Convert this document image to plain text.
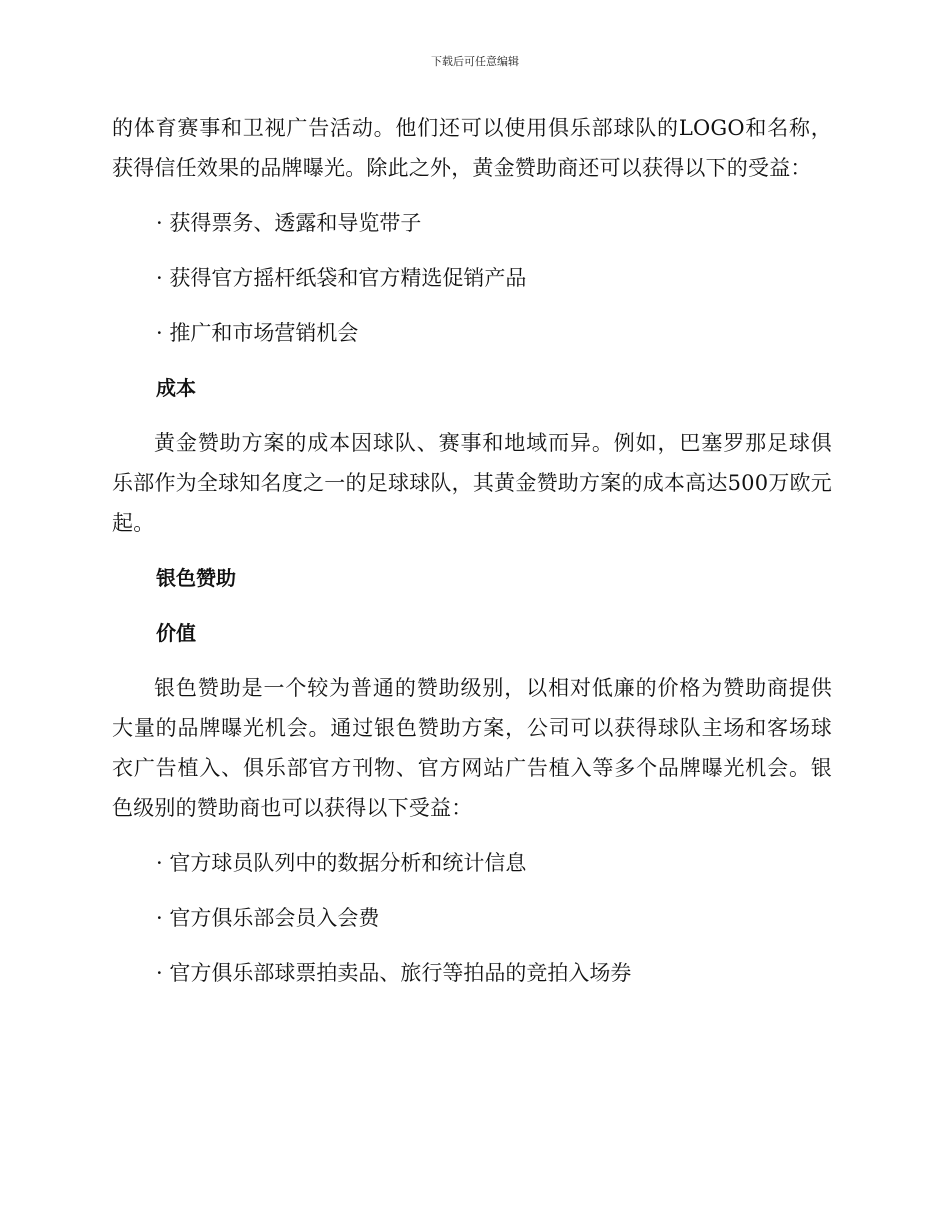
下载后可任意编辑

的体育赛事和卫视广告活动。他们还可以使用俱乐部球队的LOGO和名称，获得信任效果的品牌曝光。除此之外，黄金赞助商还可以获得以下的受益：

· 获得票务、透露和导览带子

· 获得官方摇杆纸袋和官方精选促销产品

· 推广和市场营销机会

成本

黄金赞助方案的成本因球队、赛事和地域而异。例如，巴塞罗那足球俱乐部作为全球知名度之一的足球球队，其黄金赞助方案的成本高达500万欧元起。

银色赞助

价值

银色赞助是一个较为普通的赞助级别，以相对低廉的价格为赞助商提供大量的品牌曝光机会。通过银色赞助方案，公司可以获得球队主场和客场球衣广告植入、俱乐部官方刊物、官方网站广告植入等多个品牌曝光机会。银色级别的赞助商也可以获得以下受益：

· 官方球员队列中的数据分析和统计信息

· 官方俱乐部会员入会费

· 官方俱乐部球票拍卖品、旅行等拍品的竞拍入场券
